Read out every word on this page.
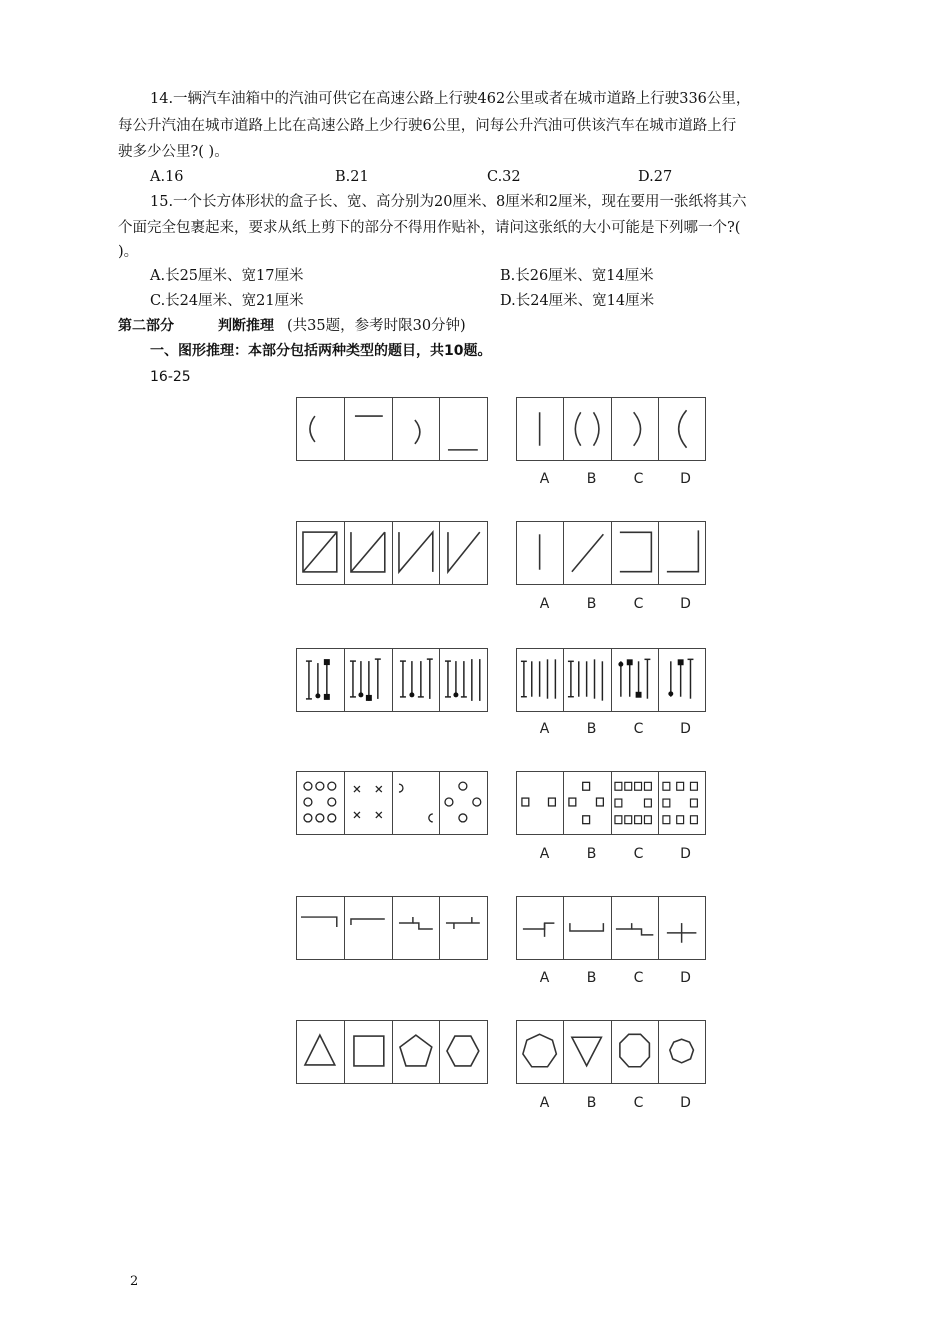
14.一辆汽车油箱中的汽油可供它在高速公路上行驶462公里或者在城市道路上行驶336公里，
每公升汽油在城市道路上比在高速公路上少行驶6公里，问每公升汽油可供该汽车在城市道路上行
驶多少公里?( )。
A.16	B.21	C.32	D.27
15.一个长方体形状的盒子长、宽、高分别为20厘米、8厘米和2厘米，现在要用一张纸将其六
个面完全包裹起来，要求从纸上剪下的部分不得用作贴补，请问这张纸的大小可能是下列哪一个?(
)。
A.长25厘米、宽17厘米	B.长26厘米、宽14厘米
C.长24厘米、宽21厘米	D.长24厘米、宽14厘米
第二部分	判断推理 (共35题，参考时限30分钟)
一、图形推理：本部分包括两种类型的题目，共10题。
16-25
A	B	C	D
A	B	C	D
A	B	C	D
A	B	C	D
A	B	C	D
A	B	C	D
2
